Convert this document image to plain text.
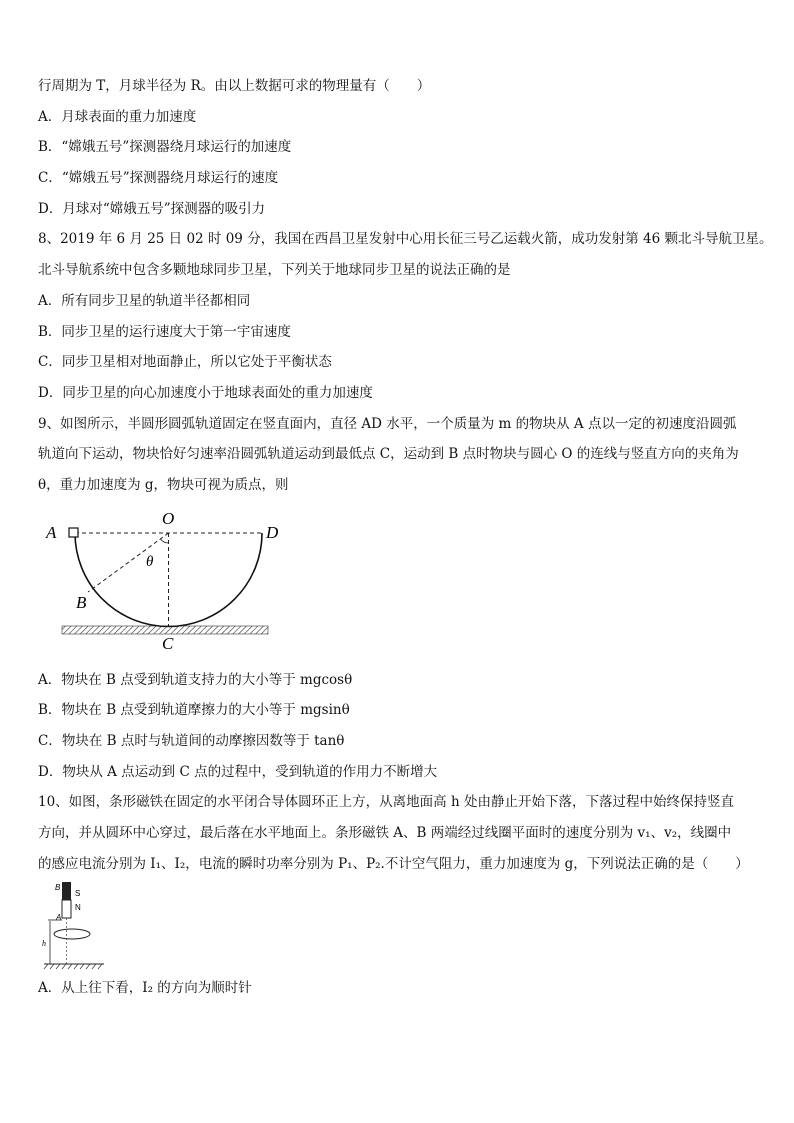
行周期为 T，月球半径为 R。由以上数据可求的物理量有（　　）

A．月球表面的重力加速度

B．“嫦娥五号”探测器绕月球运行的加速度

C．“嫦娥五号”探测器绕月球运行的速度

D．月球对“嫦娥五号”探测器的吸引力

8、2019 年 6 月 25 日 02 时 09 分，我国在西昌卫星发射中心用长征三号乙运载火箭，成功发射第 46 颗北斗导航卫星。

北斗导航系统中包含多颗地球同步卫星，下列关于地球同步卫星的说法正确的是

A．所有同步卫星的轨道半径都相同

B．同步卫星的运行速度大于第一宇宙速度

C．同步卫星相对地面静止，所以它处于平衡状态

D．同步卫星的向心加速度小于地球表面处的重力加速度

9、如图所示，半圆形圆弧轨道固定在竖直面内，直径 AD 水平，一个质量为 m 的物块从 A 点以一定的初速度沿圆弧

轨道向下运动，物块恰好匀速率沿圆弧轨道运动到最低点 C，运动到 B 点时物块与圆心 O 的连线与竖直方向的夹角为

θ，重力加速度为 g，物块可视为质点，则

A
O
D
B
C
θ

A．物块在 B 点受到轨道支持力的大小等于 mgcosθ

B．物块在 B 点受到轨道摩擦力的大小等于 mgsinθ

C．物块在 B 点时与轨道间的动摩擦因数等于 tanθ

D．物块从 A 点运动到 C 点的过程中，受到轨道的作用力不断增大

10、如图，条形磁铁在固定的水平闭合导体圆环正上方，从离地面高 h 处由静止开始下落，下落过程中始终保持竖直

方向，并从圆环中心穿过，最后落在水平地面上。条形磁铁 A、B 两端经过线圈平面时的速度分别为 v₁、v₂，线圈中

的感应电流分别为 I₁、I₂，电流的瞬时功率分别为 P₁、P₂.不计空气阻力，重力加速度为 g，下列说法正确的是（　　）

B
S
N
A
h

A．从上往下看，I₂ 的方向为顺时针
